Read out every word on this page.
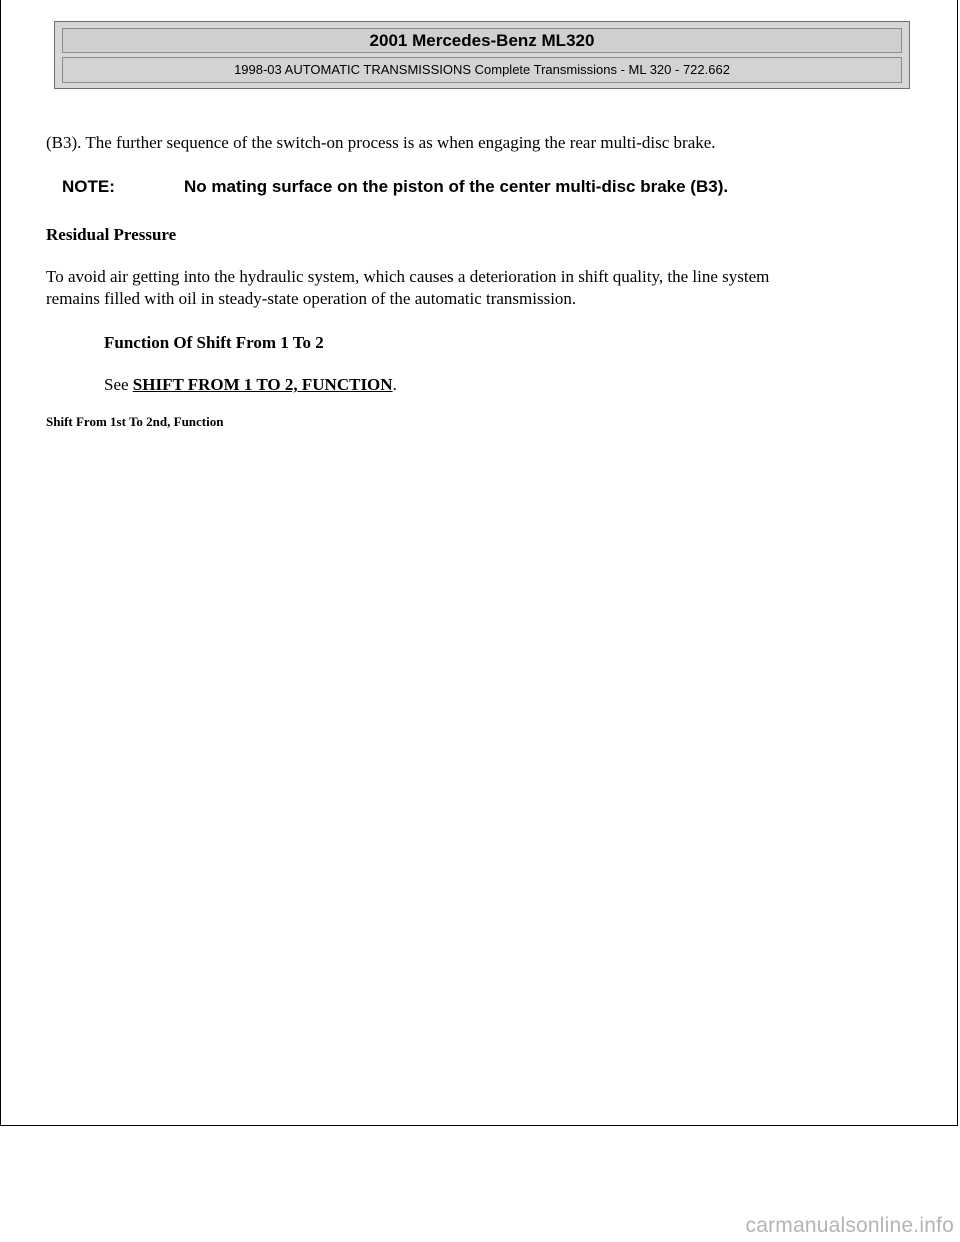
2001 Mercedes-Benz ML320
1998-03 AUTOMATIC TRANSMISSIONS Complete Transmissions - ML 320 - 722.662

(B3). The further sequence of the switch-on process is as when engaging the rear multi-disc brake.

NOTE:	No mating surface on the piston of the center multi-disc brake (B3).

Residual Pressure

To avoid air getting into the hydraulic system, which causes a deterioration in shift quality, the line system

remains filled with oil in steady-state operation of the automatic transmission.

Function Of Shift From 1 To 2

See SHIFT FROM 1 TO 2, FUNCTION.

Shift From 1st To 2nd, Function
carmanualsonline.info
